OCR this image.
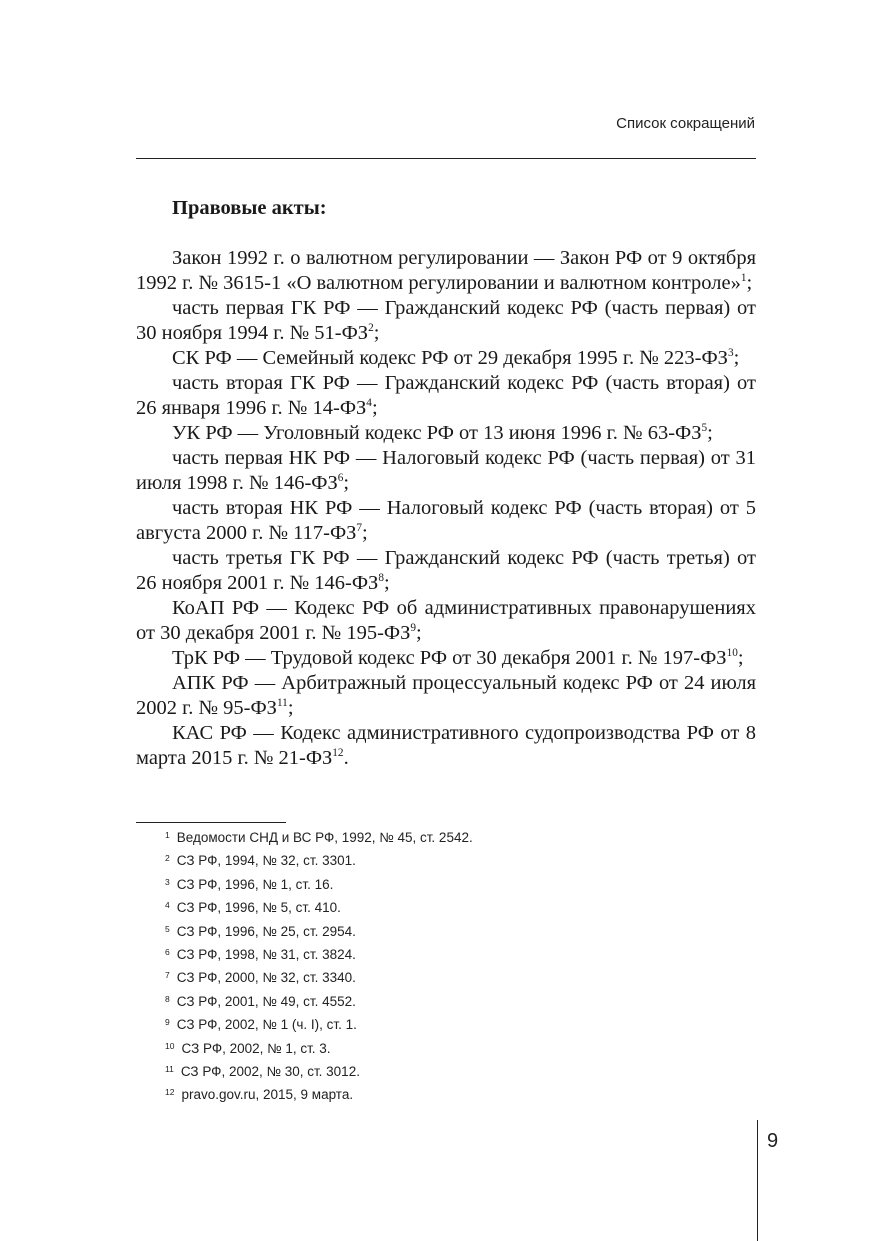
Список сокращений

Правовые акты:

Закон 1992 г. о валютном регулировании — Закон РФ от 9 октября 1992 г. № 3615-1 «О валютном регулировании и валютном контроле»$^1$;

часть первая ГК РФ — Гражданский кодекс РФ (часть первая) от 30 ноября 1994 г. № $51-ФЗ^2$;

СК РФ — Семейный кодекс РФ от 29 декабря 1995 г. № $223-ФЗ^3$;

часть вторая ГК РФ — Гражданский кодекс РФ (часть вторая) от 26 января 1996 г. № $14-ФЗ^4$;

УК РФ — Уголовный кодекс РФ от 13 июня 1996 г. № $63-ФЗ^5$;

часть первая НК РФ — Налоговый кодекс РФ (часть первая) от 31 июля 1998 г. № $146-ФЗ^6$;

часть вторая НК РФ — Налоговый кодекс РФ (часть вторая) от 5 августа 2000 г. № $117-ФЗ^7$;

часть третья ГК РФ — Гражданский кодекс РФ (часть третья) от 26 ноября 2001 г. № $146-ФЗ^8$;

КоАП РФ — Кодекс РФ об административных правонарушениях от 30 декабря 2001 г. № $195-ФЗ^9$;

ТрК РФ — Трудовой кодекс РФ от 30 декабря 2001 г. № 197-ФЗ$^{10}$;

АПК РФ — Арбитражный процессуальный кодекс РФ от 24 июля 2002 г. № 95-ФЗ$^{11}$;

КАС РФ — Кодекс административного судопроизводства РФ от 8 марта 2015 г. № 21-ФЗ$^{12}$.

$^1$ Ведомости СНД и ВС РФ, 1992, № 45, ст. 2542.
$^2$ СЗ РФ, 1994, № 32, ст. 3301.
$^3$ СЗ РФ, 1996, № 1, ст. 16.
$^4$ СЗ РФ, 1996, № 5, ст. 410.
$^5$ СЗ РФ, 1996, № 25, ст. 2954.
$^6$ СЗ РФ, 1998, № 31, ст. 3824.
$^7$ СЗ РФ, 2000, № 32, ст. 3340.
$^8$ СЗ РФ, 2001, № 49, ст. 4552.
$^9$ СЗ РФ, 2002, № 1 (ч. I), ст. 1.
$^{10}$ СЗ РФ, 2002, № 1, ст. 3.
$^{11}$ СЗ РФ, 2002, № 30, ст. 3012.
$^{12}$ pravo.gov.ru, 2015, 9 марта.
9
